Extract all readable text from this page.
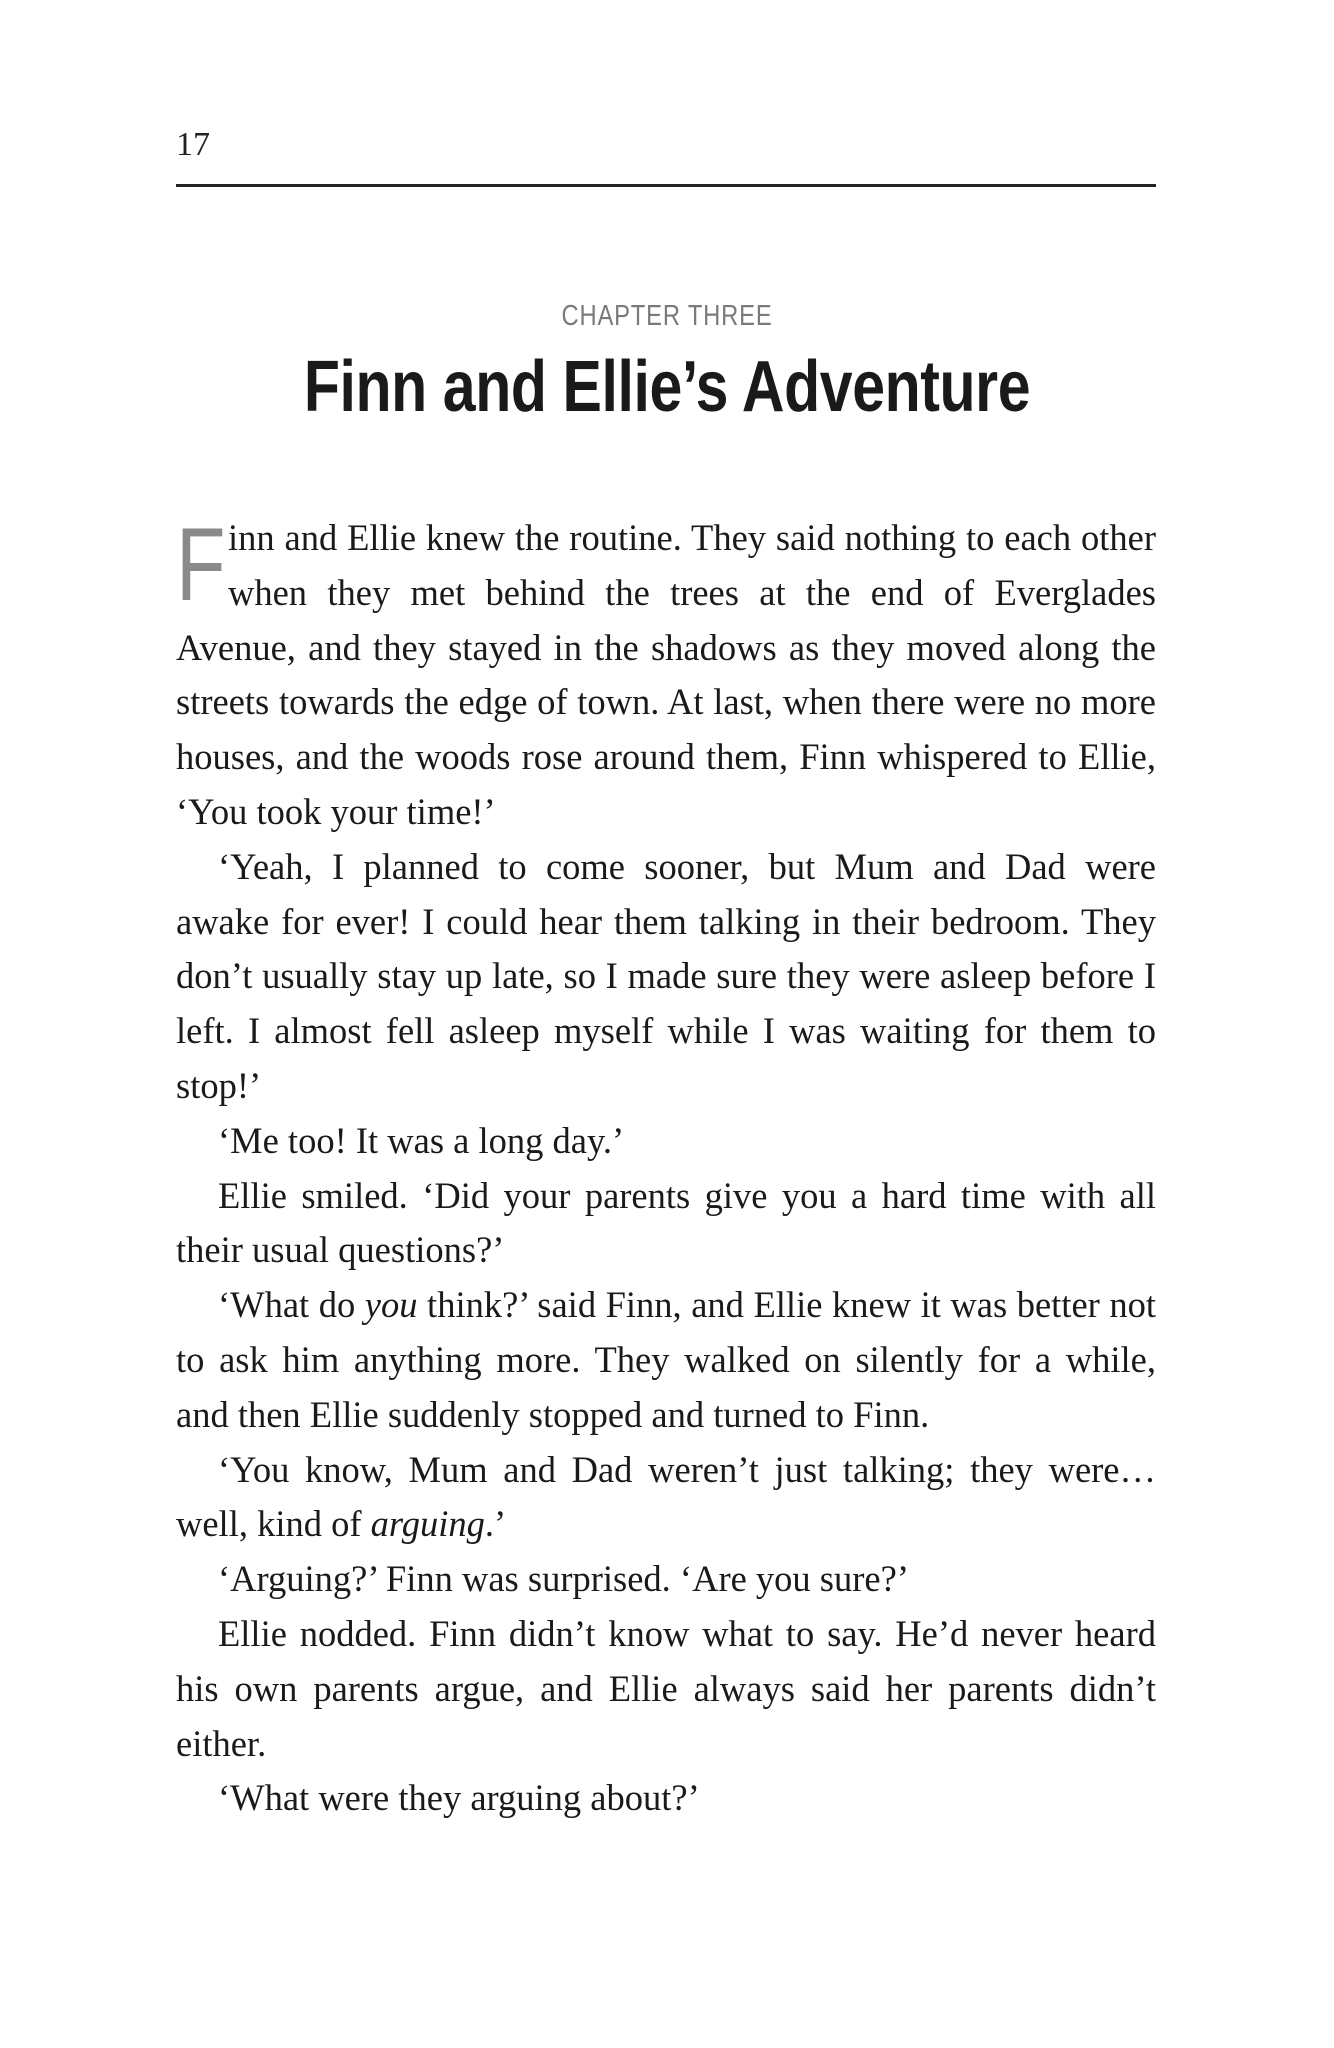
17
CHAPTER THREE
Finn and Ellie’s Adventure

Finn and Ellie knew the routine. They said nothing to each other when they met behind the trees at the end of Everglades Avenue, and they stayed in the shadows as they moved along the streets towards the edge of town. At last, when there were no more houses, and the woods rose around them, Finn whispered to Ellie, ‘You took your time!’

‘Yeah, I planned to come sooner, but Mum and Dad were awake for ever! I could hear them talking in their bedroom. They don’t usually stay up late, so I made sure they were asleep before I left. I almost fell asleep myself while I was waiting for them to stop!’

‘Me too! It was a long day.’

Ellie smiled. ‘Did your parents give you a hard time with all their usual questions?’

‘What do you think?’ said Finn, and Ellie knew it was better not to ask him anything more. They walked on silently for a while, and then Ellie suddenly stopped and turned to Finn.

‘You know, Mum and Dad weren’t just talking; they were… well, kind of arguing.’

‘Arguing?’ Finn was surprised. ‘Are you sure?’

Ellie nodded. Finn didn’t know what to say. He’d never heard his own parents argue, and Ellie always said her parents didn’t either.

‘What were they arguing about?’
